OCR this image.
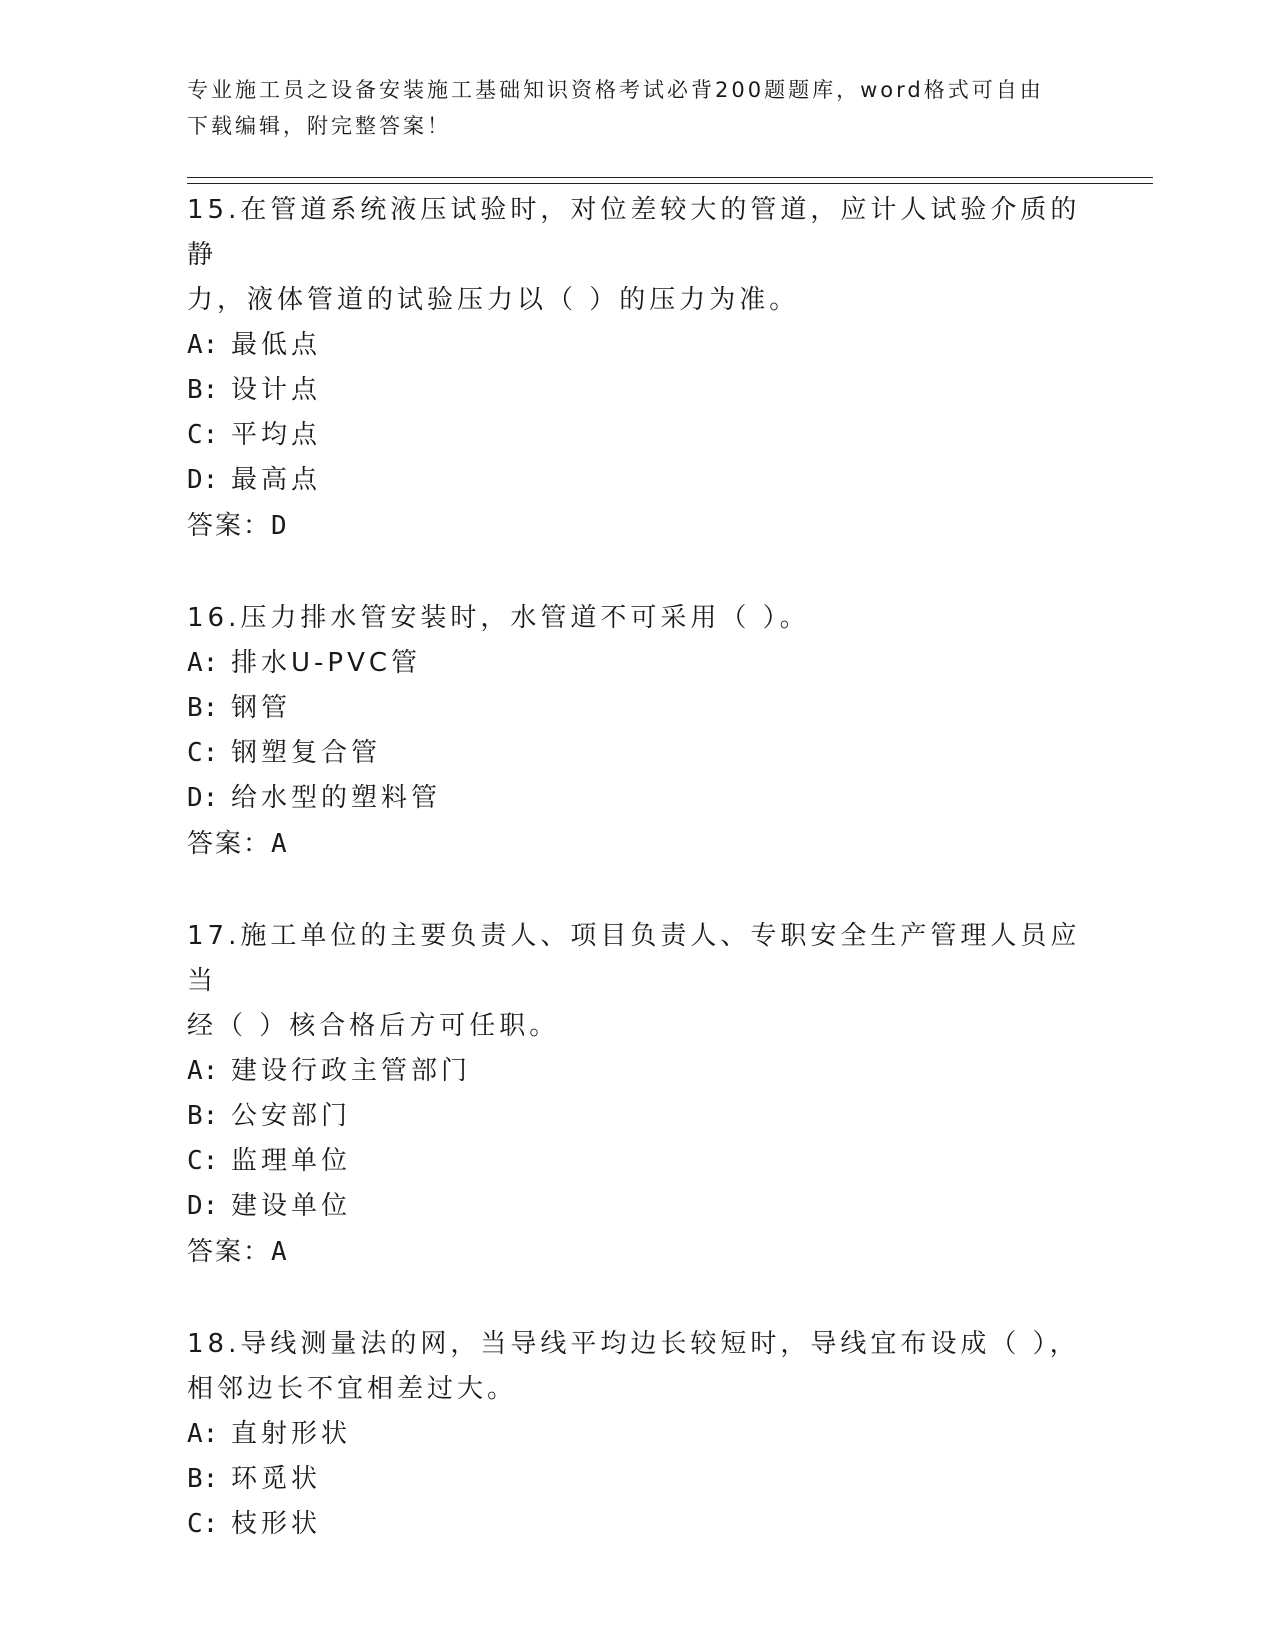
专业施工员之设备安装施工基础知识资格考试必背200题题库，word格式可自由
下载编辑，附完整答案！
15.在管道系统液压试验时，对位差较大的管道，应计人试验介质的静
力，液体管道的试验压力以（ ）的压力为准。
A: 最低点
B: 设计点
C: 平均点
D: 最高点
答案：D
16.压力排水管安装时，水管道不可采用（ ）。
A: 排水U-PVC管
B: 钢管
C: 钢塑复合管
D: 给水型的塑料管
答案：A
17.施工单位的主要负责人、项目负责人、专职安全生产管理人员应当
经（ ）核合格后方可任职。
A: 建设行政主管部门
B: 公安部门
C: 监理单位
D: 建设单位
答案：A
18.导线测量法的网，当导线平均边长较短时，导线宜布设成（ ），
相邻边长不宜相差过大。
A: 直射形状
B: 环觅状
C: 枝形状
